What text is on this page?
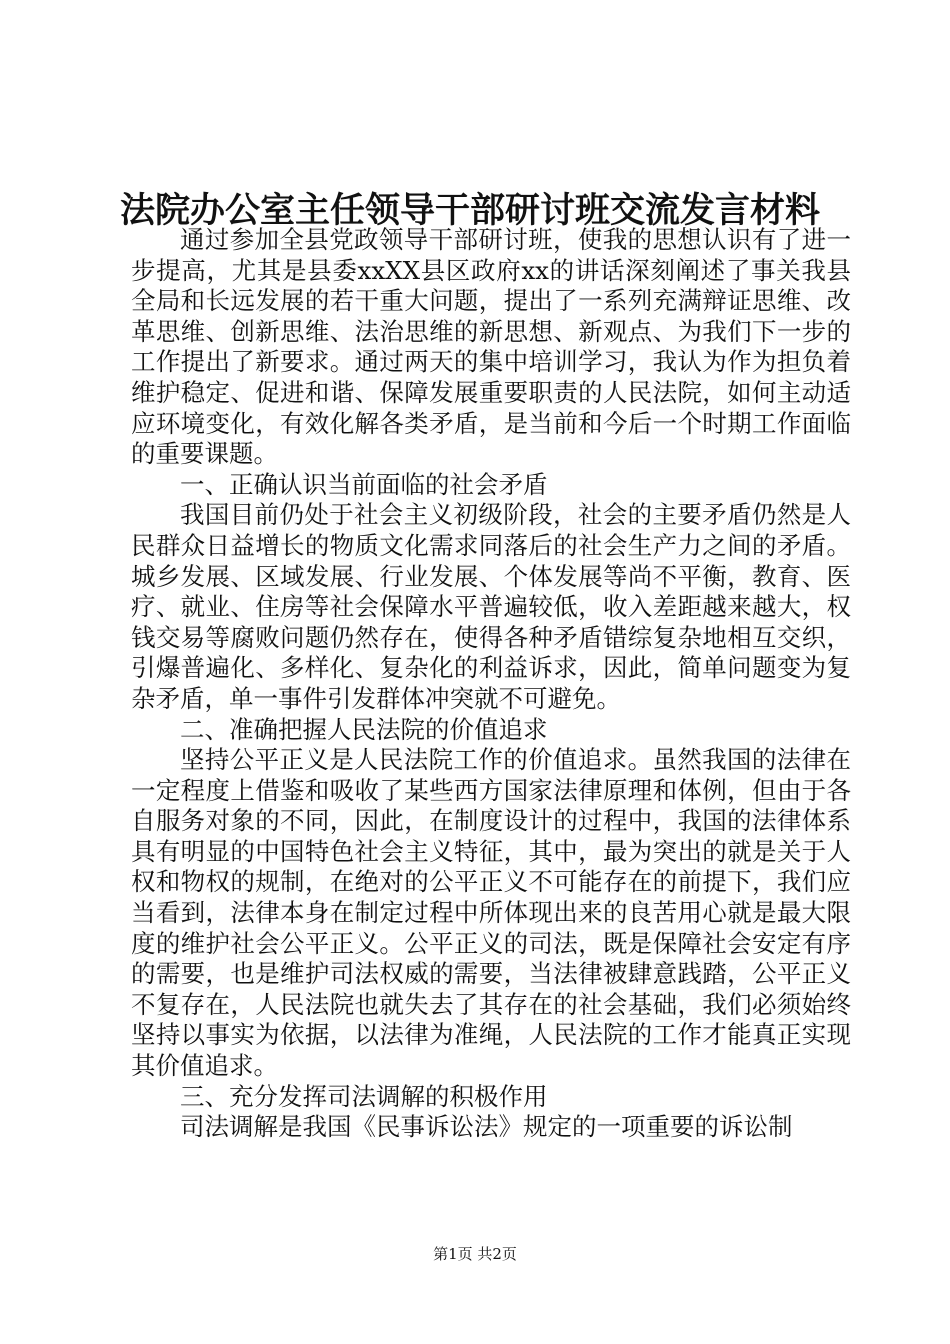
法院办公室主任领导干部研讨班交流发言材料

通过参加全县党政领导干部研讨班，使我的思想认识有了进一步提高，尤其是县委xxXX县区政府xx的讲话深刻阐述了事关我县全局和长远发展的若干重大问题，提出了一系列充满辩证思维、改革思维、创新思维、法治思维的新思想、新观点、为我们下一步的工作提出了新要求。通过两天的集中培训学习，我认为作为担负着维护稳定、促进和谐、保障发展重要职责的人民法院，如何主动适应环境变化，有效化解各类矛盾，是当前和今后一个时期工作面临的重要课题。

一、正确认识当前面临的社会矛盾

我国目前仍处于社会主义初级阶段，社会的主要矛盾仍然是人民群众日益增长的物质文化需求同落后的社会生产力之间的矛盾。城乡发展、区域发展、行业发展、个体发展等尚不平衡，教育、医疗、就业、住房等社会保障水平普遍较低，收入差距越来越大，权钱交易等腐败问题仍然存在，使得各种矛盾错综复杂地相互交织，引爆普遍化、多样化、复杂化的利益诉求，因此，简单问题变为复杂矛盾，单一事件引发群体冲突就不可避免。

二、准确把握人民法院的价值追求

坚持公平正义是人民法院工作的价值追求。虽然我国的法律在一定程度上借鉴和吸收了某些西方国家法律原理和体例，但由于各自服务对象的不同，因此，在制度设计的过程中，我国的法律体系具有明显的中国特色社会主义特征，其中，最为突出的就是关于人权和物权的规制，在绝对的公平正义不可能存在的前提下，我们应当看到，法律本身在制定过程中所体现出来的良苦用心就是最大限度的维护社会公平正义。公平正义的司法，既是保障社会安定有序的需要，也是维护司法权威的需要，当法律被肆意践踏，公平正义不复存在，人民法院也就失去了其存在的社会基础，我们必须始终坚持以事实为依据，以法律为准绳，人民法院的工作才能真正实现其价值追求。

三、充分发挥司法调解的积极作用

司法调解是我国《民事诉讼法》规定的一项重要的诉讼制

第1页 共2页
